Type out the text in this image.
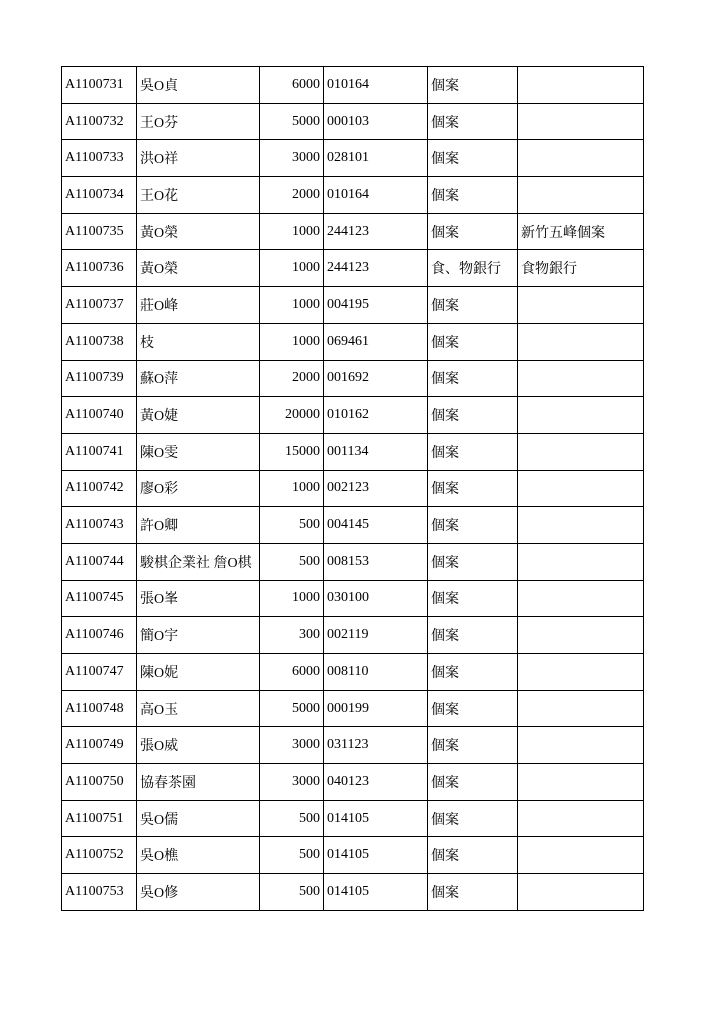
A1100731	吳O貞	6000	010164	個案	
A1100732	王O芬	5000	000103	個案	
A1100733	洪O祥	3000	028101	個案	
A1100734	王O花	2000	010164	個案	
A1100735	黃O榮	1000	244123	個案	新竹五峰個案
A1100736	黃O榮	1000	244123	食、物銀行	食物銀行
A1100737	莊O峰	1000	004195	個案	
A1100738	枝	1000	069461	個案	
A1100739	蘇O萍	2000	001692	個案	
A1100740	黃O婕	20000	010162	個案	
A1100741	陳O雯	15000	001134	個案	
A1100742	廖O彩	1000	002123	個案	
A1100743	許O卿	500	004145	個案	
A1100744	駿棋企業社 詹O棋	500	008153	個案	
A1100745	張O峯	1000	030100	個案	
A1100746	簡O宇	300	002119	個案	
A1100747	陳O妮	6000	008110	個案	
A1100748	高O玉	5000	000199	個案	
A1100749	張O威	3000	031123	個案	
A1100750	協春茶園	3000	040123	個案	
A1100751	吳O儒	500	014105	個案	
A1100752	吳O樵	500	014105	個案	
A1100753	吳O修	500	014105	個案	
